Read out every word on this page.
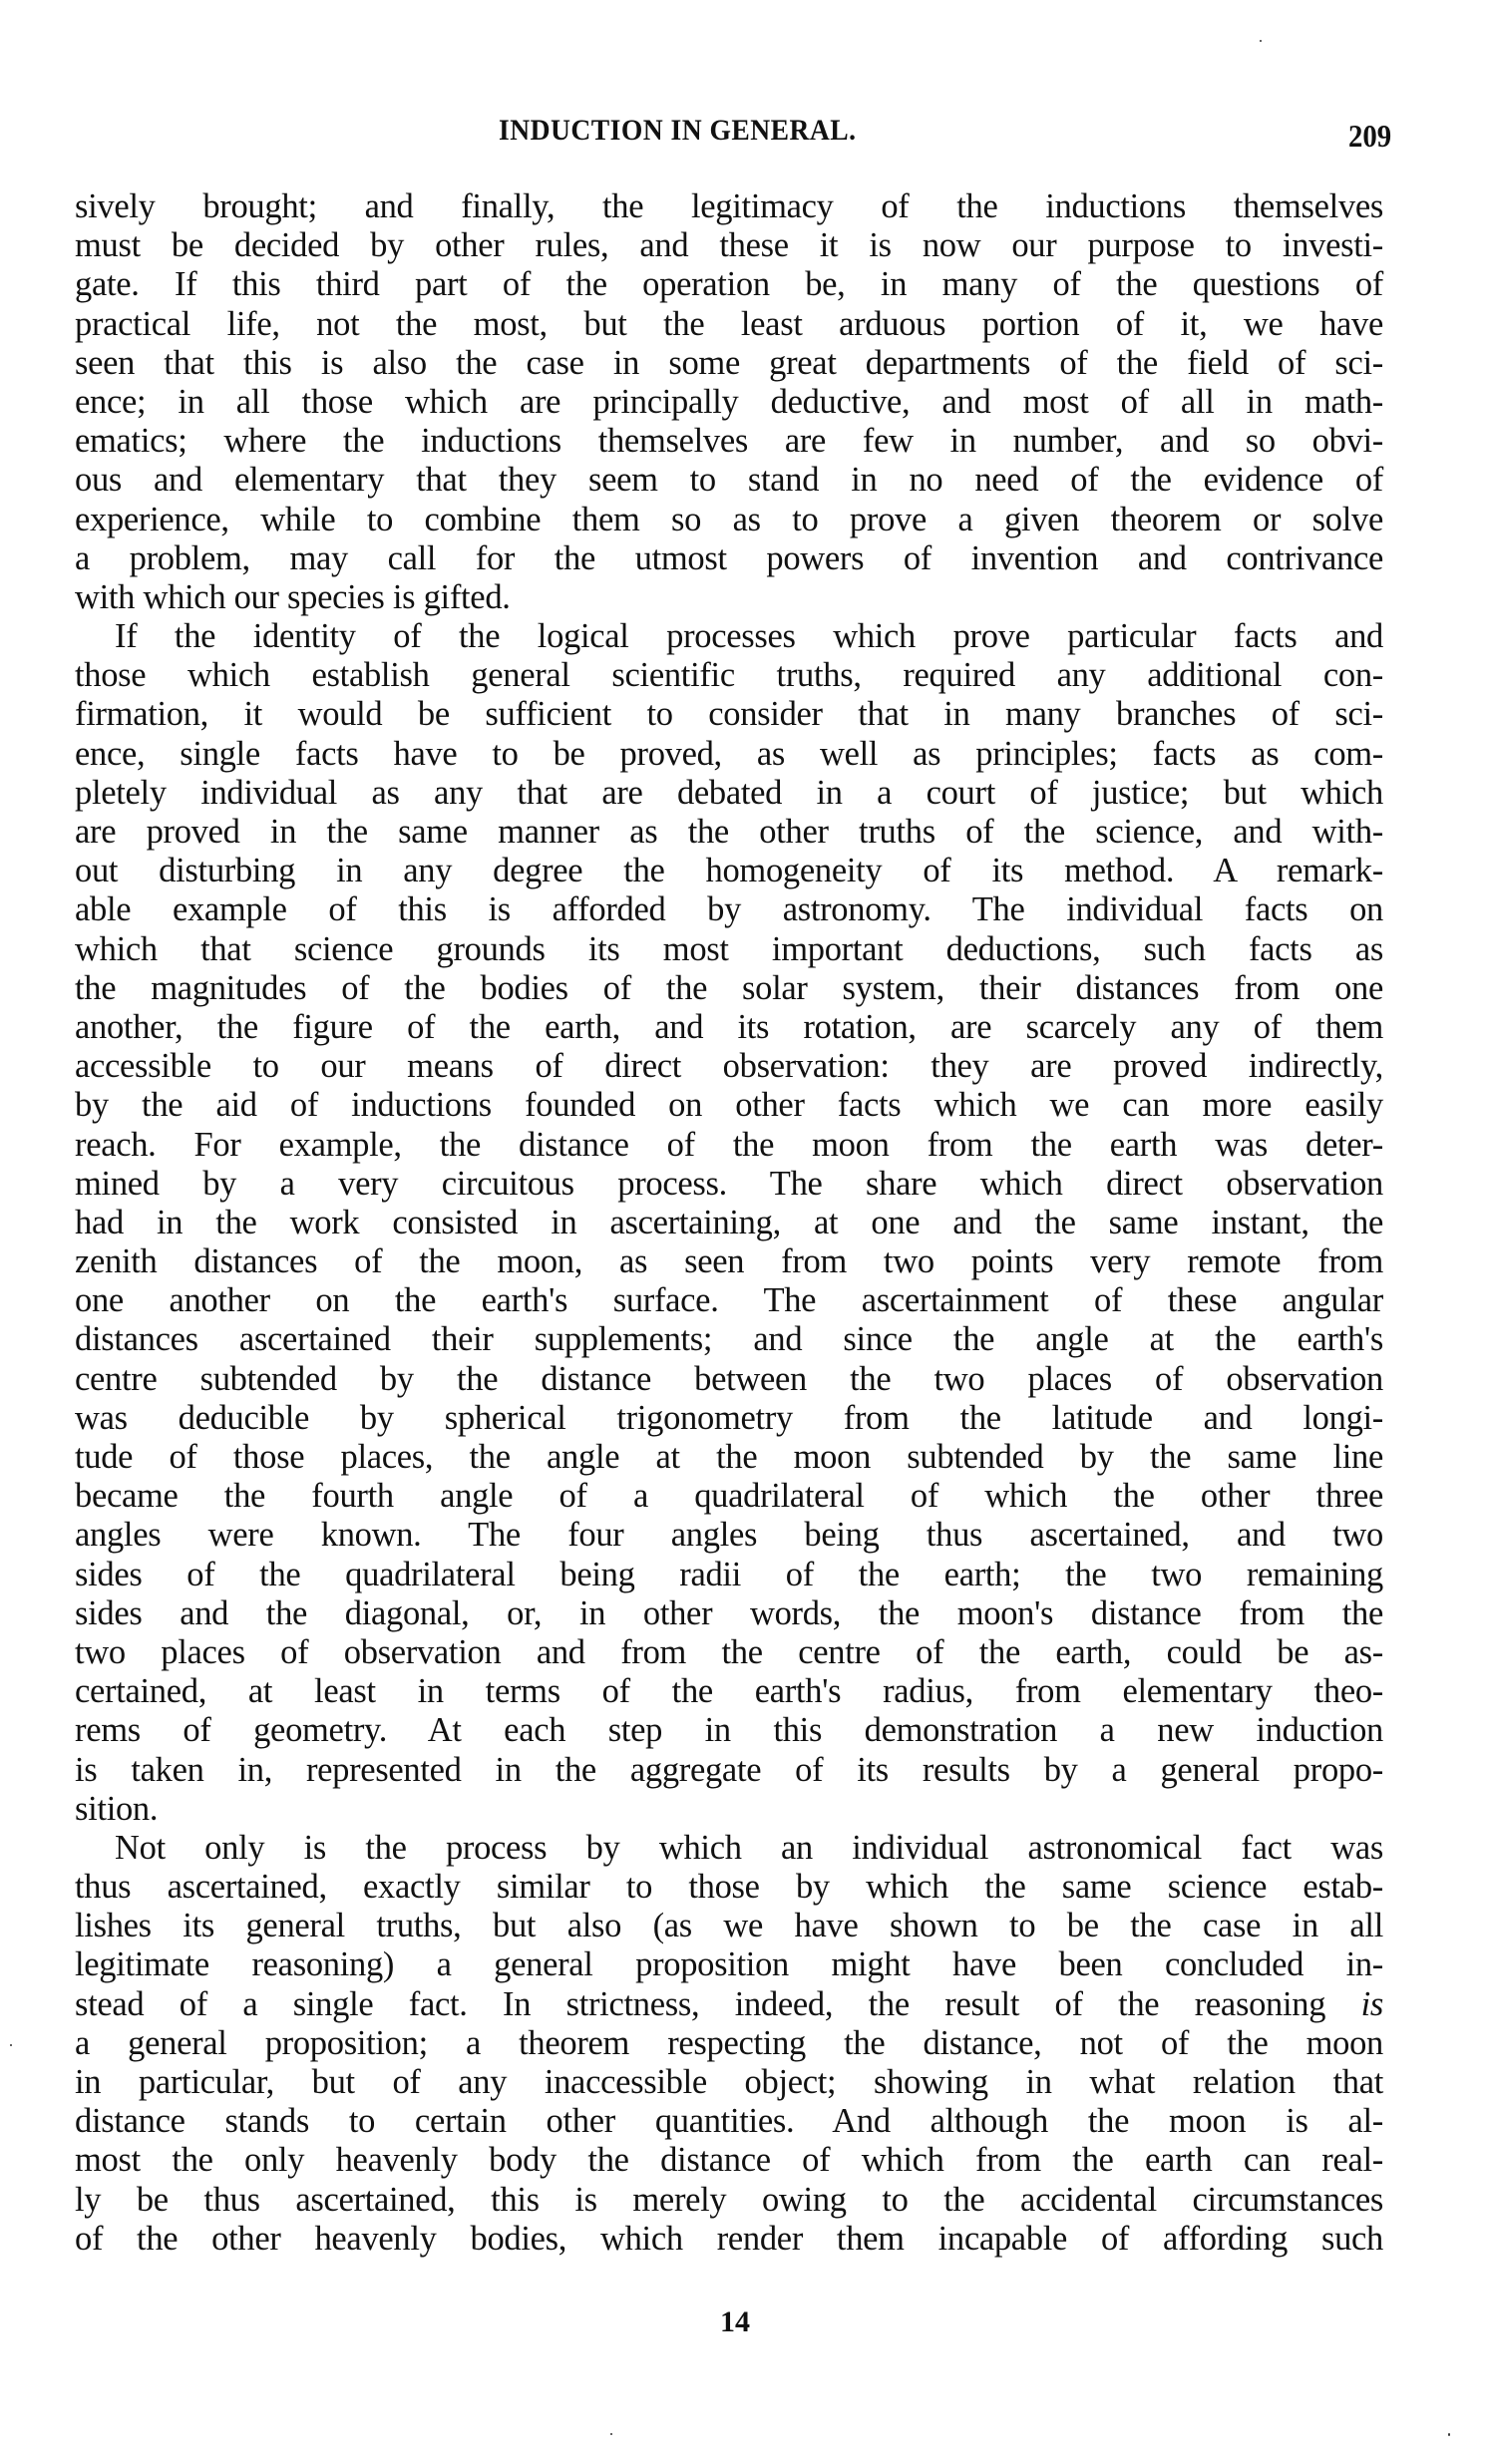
INDUCTION IN GENERAL.	209
sively brought; and finally, the legitimacy of the inductions themselves
must be decided by other rules, and these it is now our purpose to investi-
gate. If this third part of the operation be, in many of the questions of
practical life, not the most, but the least arduous portion of it, we have
seen that this is also the case in some great departments of the field of sci-
ence; in all those which are principally deductive, and most of all in math-
ematics; where the inductions themselves are few in number, and so obvi-
ous and elementary that they seem to stand in no need of the evidence of
experience, while to combine them so as to prove a given theorem or solve
a problem, may call for the utmost powers of invention and contrivance
with which our species is gifted.
If the identity of the logical processes which prove particular facts and
those which establish general scientific truths, required any additional con-
firmation, it would be sufficient to consider that in many branches of sci-
ence, single facts have to be proved, as well as principles; facts as com-
pletely individual as any that are debated in a court of justice; but which
are proved in the same manner as the other truths of the science, and with-
out disturbing in any degree the homogeneity of its method. A remark-
able example of this is afforded by astronomy. The individual facts on
which that science grounds its most important deductions, such facts as
the magnitudes of the bodies of the solar system, their distances from one
another, the figure of the earth, and its rotation, are scarcely any of them
accessible to our means of direct observation: they are proved indirectly,
by the aid of inductions founded on other facts which we can more easily
reach. For example, the distance of the moon from the earth was deter-
mined by a very circuitous process. The share which direct observation
had in the work consisted in ascertaining, at one and the same instant, the
zenith distances of the moon, as seen from two points very remote from
one another on the earth's surface. The ascertainment of these angular
distances ascertained their supplements; and since the angle at the earth's
centre subtended by the distance between the two places of observation
was deducible by spherical trigonometry from the latitude and longi-
tude of those places, the angle at the moon subtended by the same line
became the fourth angle of a quadrilateral of which the other three
angles were known. The four angles being thus ascertained, and two
sides of the quadrilateral being radii of the earth; the two remaining
sides and the diagonal, or, in other words, the moon's distance from the
two places of observation and from the centre of the earth, could be as-
certained, at least in terms of the earth's radius, from elementary theo-
rems of geometry. At each step in this demonstration a new induction
is taken in, represented in the aggregate of its results by a general propo-
sition.
Not only is the process by which an individual astronomical fact was
thus ascertained, exactly similar to those by which the same science estab-
lishes its general truths, but also (as we have shown to be the case in all
legitimate reasoning) a general proposition might have been concluded in-
stead of a single fact. In strictness, indeed, the result of the reasoning is
a general proposition; a theorem respecting the distance, not of the moon
in particular, but of any inaccessible object; showing in what relation that
distance stands to certain other quantities. And although the moon is al-
most the only heavenly body the distance of which from the earth can real-
ly be thus ascertained, this is merely owing to the accidental circumstances
of the other heavenly bodies, which render them incapable of affording such
14
